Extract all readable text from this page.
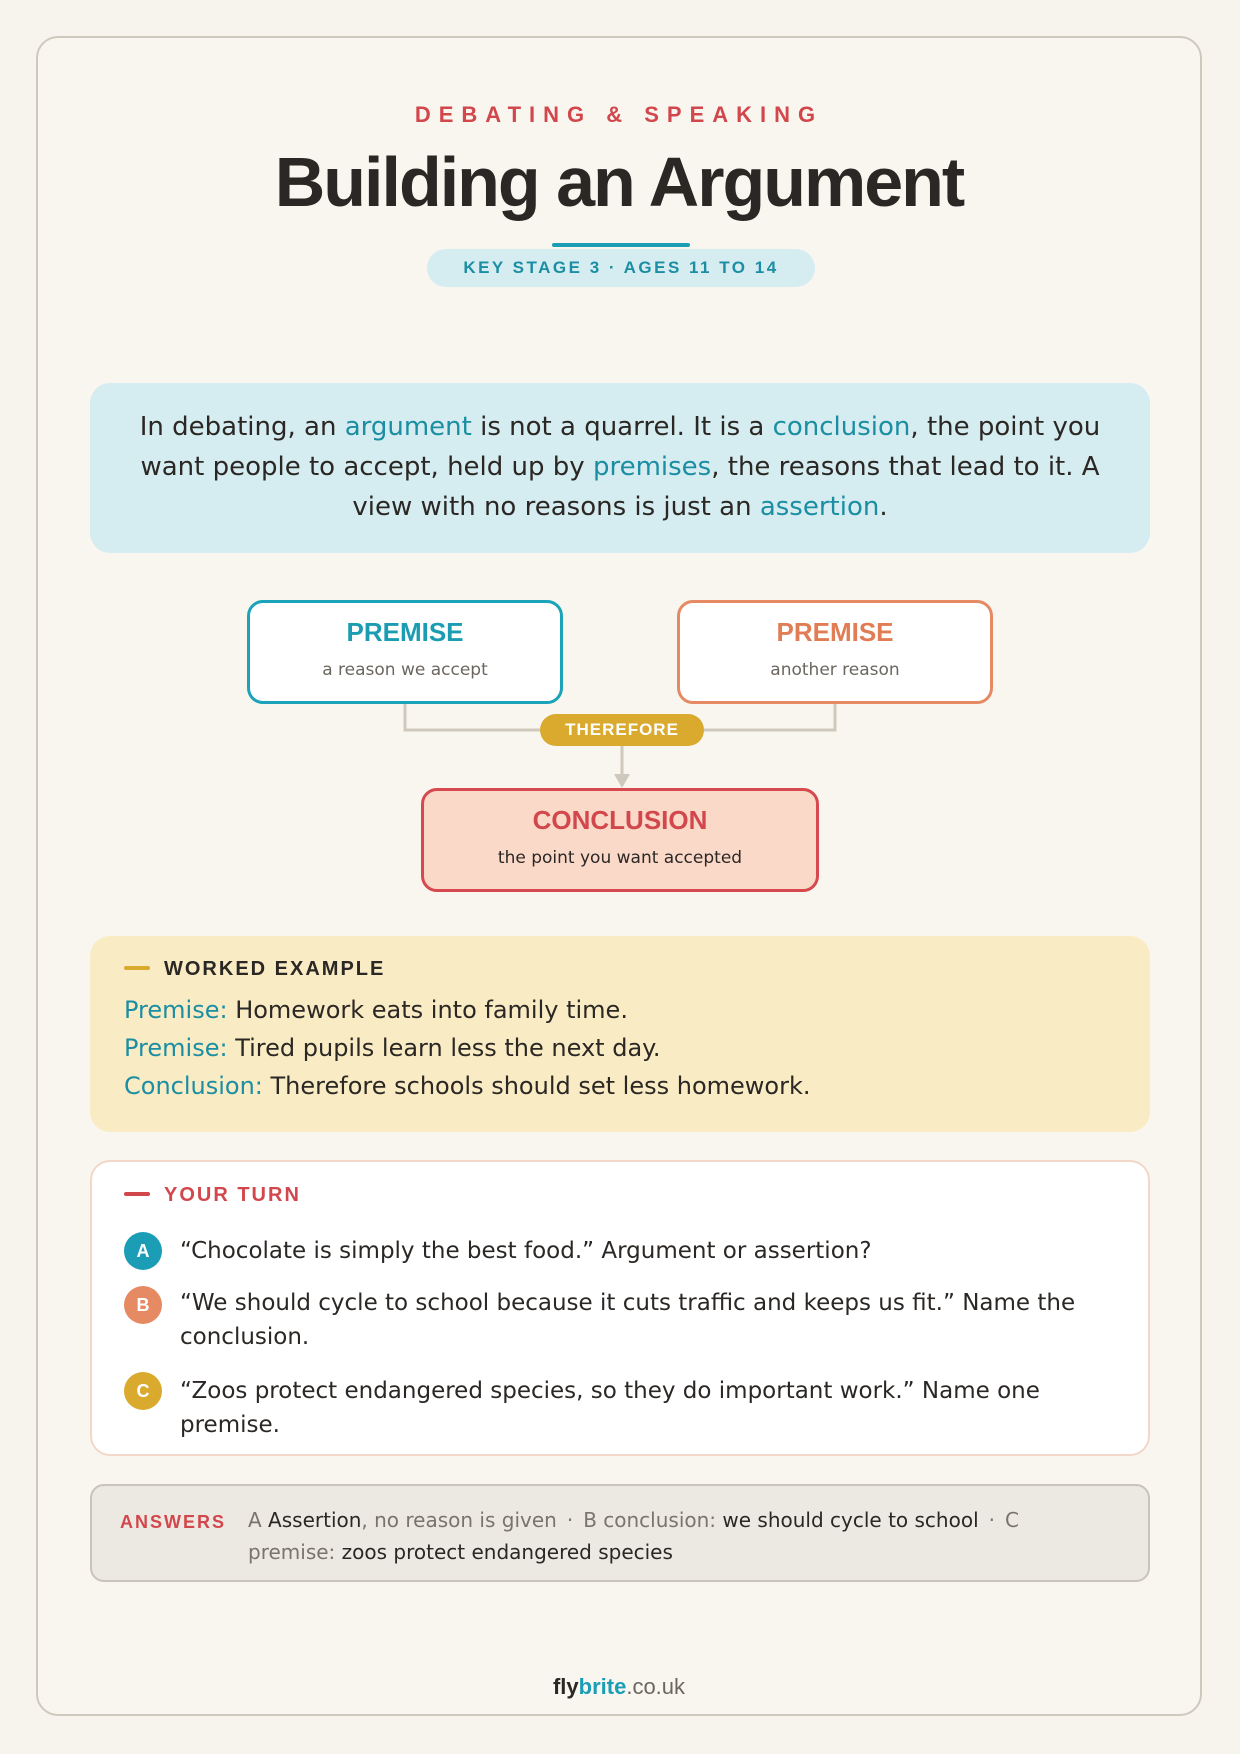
DEBATING & SPEAKING
Building an Argument
KEY STAGE 3 · AGES 11 TO 14
In debating, an argument is not a quarrel. It is a conclusion, the point you want people to accept, held up by premises, the reasons that lead to it. A view with no reasons is just an assertion.
PREMISE
a reason we accept
PREMISE
another reason
THEREFORE
CONCLUSION
the point you want accepted
WORKED EXAMPLE
Premise: Homework eats into family time.
Premise: Tired pupils learn less the next day.
Conclusion: Therefore schools should set less homework.
YOUR TURN
A	“Chocolate is simply the best food.” Argument or assertion?
B	“We should cycle to school because it cuts traffic and keeps us fit.” Name the conclusion.
C	“Zoos protect endangered species, so they do important work.” Name one premise.
ANSWERS A Assertion, no reason is given · B conclusion: we should cycle to school · C premise: zoos protect endangered species
flybrite.co.uk
